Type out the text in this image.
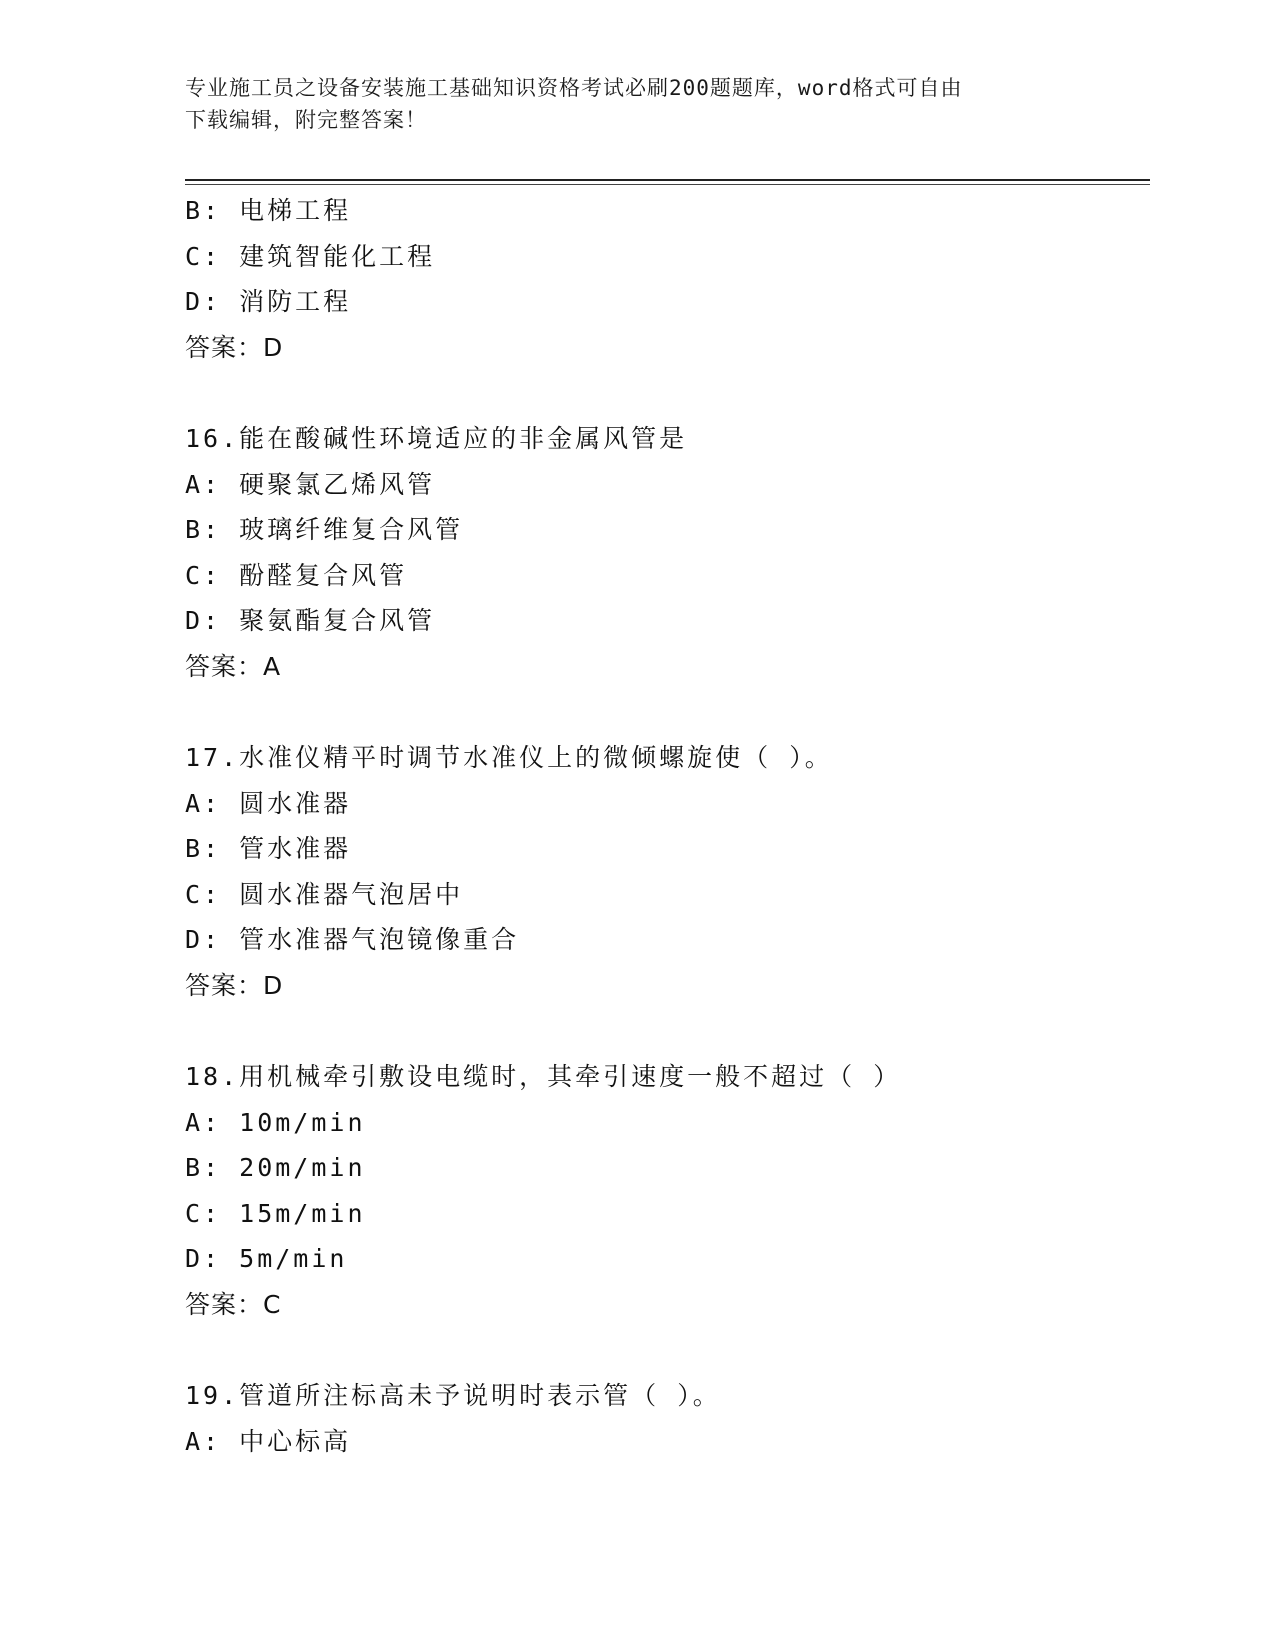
专业施工员之设备安装施工基础知识资格考试必刷200题题库，word格式可自由
下载编辑，附完整答案！
B: 电梯工程
C: 建筑智能化工程
D: 消防工程
答案：D
16.能在酸碱性环境适应的非金属风管是
A: 硬聚氯乙烯风管
B: 玻璃纤维复合风管
C: 酚醛复合风管
D: 聚氨酯复合风管
答案：A
17.水准仪精平时调节水准仪上的微倾螺旋使（ ）。
A: 圆水准器
B: 管水准器
C: 圆水准器气泡居中
D: 管水准器气泡镜像重合
答案：D
18.用机械牵引敷设电缆时，其牵引速度一般不超过（ ）
A: 10m/min
B: 20m/min
C: 15m/min
D: 5m/min
答案：C
19.管道所注标高未予说明时表示管（ ）。
A: 中心标高
